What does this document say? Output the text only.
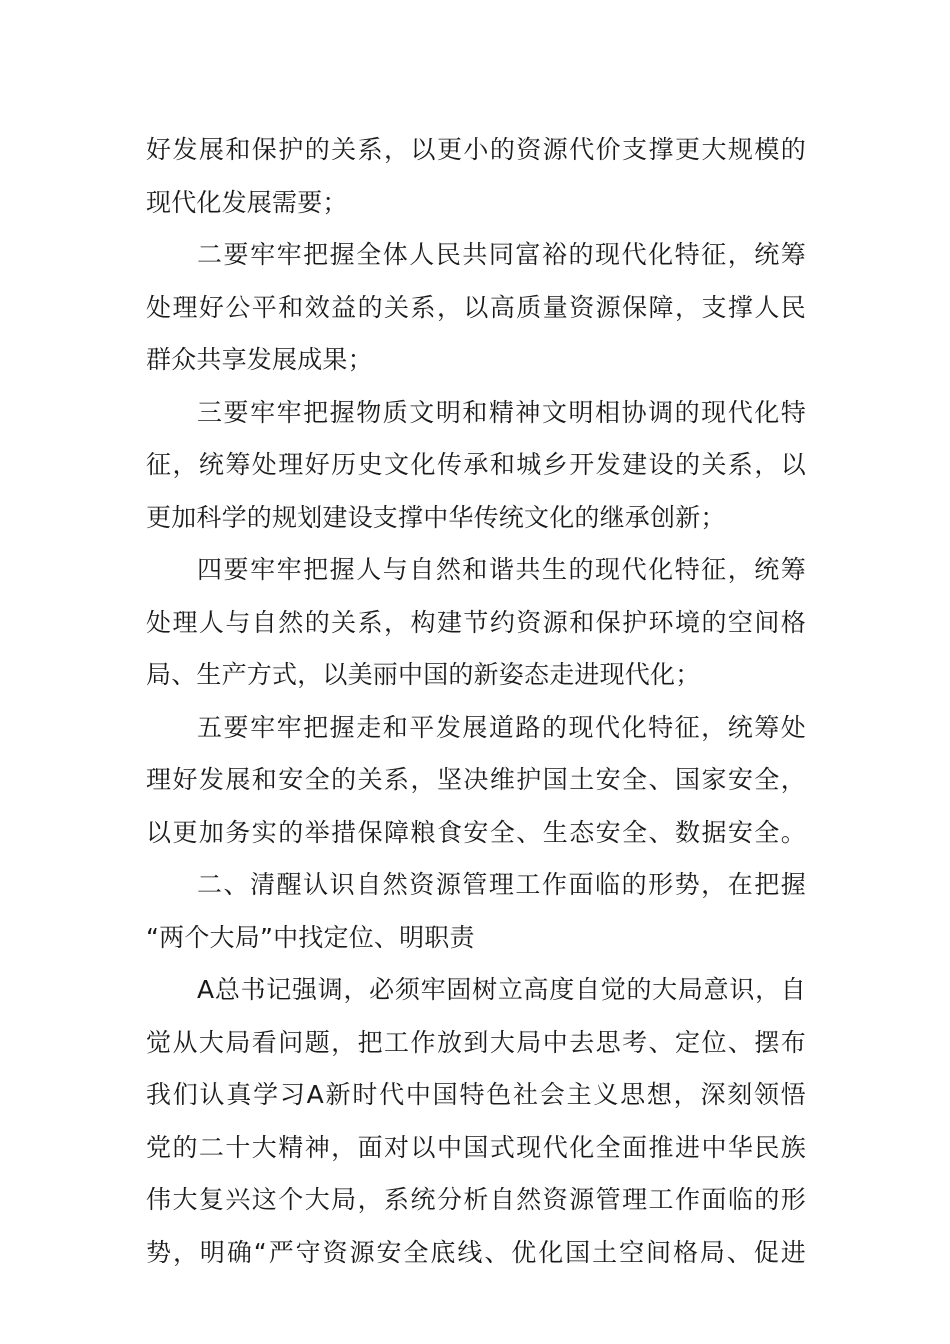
好发展和保护的关系，以更小的资源代价支撑更大规模的
现代化发展需要；
二要牢牢把握全体人民共同富裕的现代化特征，统筹
处理好公平和效益的关系，以高质量资源保障，支撑人民
群众共享发展成果；
三要牢牢把握物质文明和精神文明相协调的现代化特
征，统筹处理好历史文化传承和城乡开发建设的关系，以
更加科学的规划建设支撑中华传统文化的继承创新；
四要牢牢把握人与自然和谐共生的现代化特征，统筹
处理人与自然的关系，构建节约资源和保护环境的空间格
局、生产方式，以美丽中国的新姿态走进现代化；
五要牢牢把握走和平发展道路的现代化特征，统筹处
理好发展和安全的关系，坚决维护国土安全、国家安全，
以更加务实的举措保障粮食安全、生态安全、数据安全。
二、清醒认识自然资源管理工作面临的形势，在把握
“两个大局”中找定位、明职责
A总书记强调，必须牢固树立高度自觉的大局意识，自
觉从大局看问题，把工作放到大局中去思考、定位、摆布
我们认真学习A新时代中国特色社会主义思想，深刻领悟
党的二十大精神，面对以中国式现代化全面推进中华民族
伟大复兴这个大局，系统分析自然资源管理工作面临的形
势，明确“严守资源安全底线、优化国土空间格局、促进
